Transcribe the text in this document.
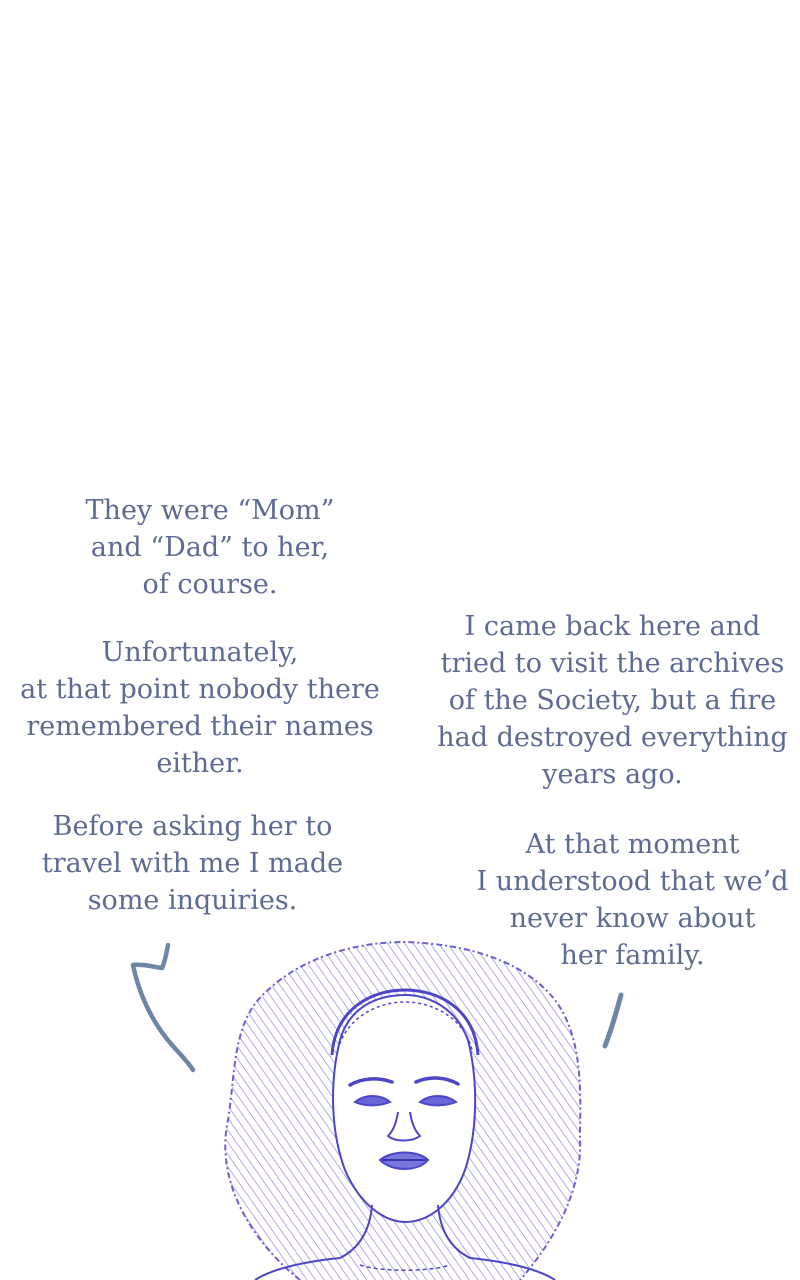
They were “Mom”
and “Dad” to her,
of course.
Unfortunately,
at that point nobody there
remembered their names
either.
Before asking her to
travel with me I made
some inquiries.
I came back here and
tried to visit the archives
of the Society, but a fire
had destroyed everything
years ago.
At that moment
I understood that we’d
never know about
her family.
